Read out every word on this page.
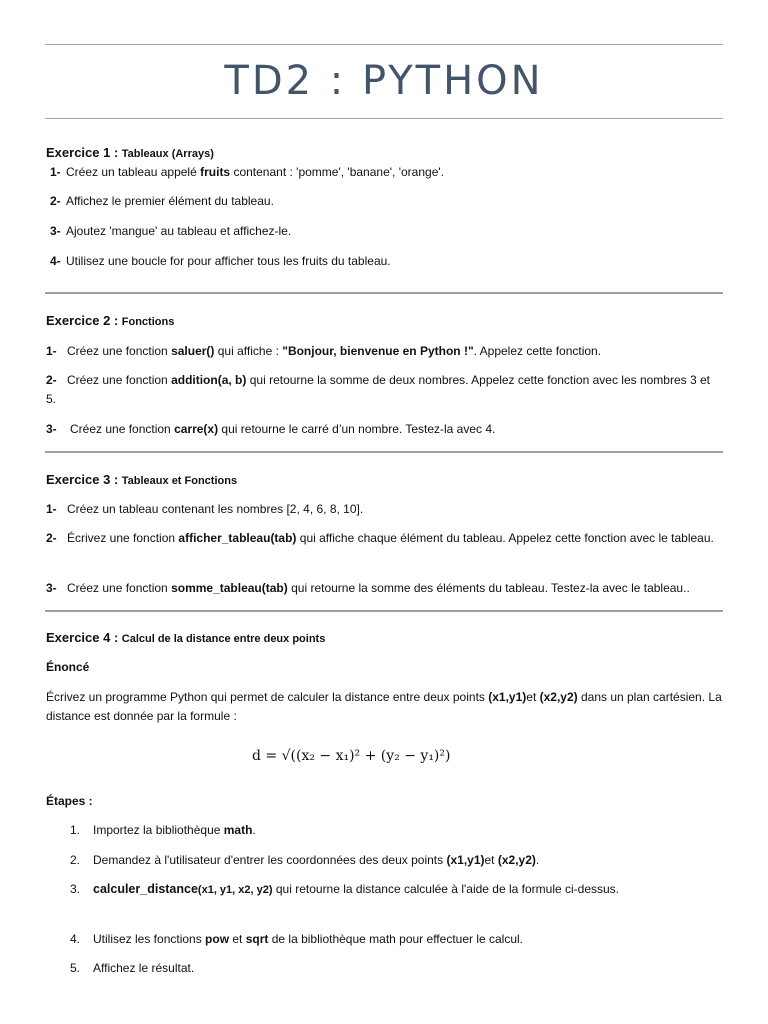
TD2 : PYTHON
Exercice 1 : Tableaux (Arrays)
1- Créez un tableau appelé fruits contenant : 'pomme', 'banane', 'orange'.
2- Affichez le premier élément du tableau.
3- Ajoutez 'mangue' au tableau et affichez-le.
4- Utilisez une boucle for pour afficher tous les fruits du tableau.
Exercice 2 : Fonctions
1- Créez une fonction saluer() qui affiche : "Bonjour, bienvenue en Python !". Appelez cette fonction.
2- Créez une fonction addition(a, b) qui retourne la somme de deux nombres. Appelez cette fonction avec les nombres 3 et 5.
3- Créez une fonction carre(x) qui retourne le carré d’un nombre. Testez-la avec 4.
Exercice 3 : Tableaux et Fonctions
1- Créez un tableau contenant les nombres [2, 4, 6, 8, 10].
2- Écrivez une fonction afficher_tableau(tab) qui affiche chaque élément du tableau. Appelez cette fonction avec le tableau.
3- Créez une fonction somme_tableau(tab) qui retourne la somme des éléments du tableau. Testez-la avec le tableau..
Exercice 4 : Calcul de la distance entre deux points
Énoncé
Écrivez un programme Python qui permet de calculer la distance entre deux points (x1,y1)et (x2,y2) dans un plan cartésien. La distance est donnée par la formule :
d = √((x₂ − x₁)² + (y₂ − y₁)²)
Étapes :
1. Importez la bibliothèque math.
2. Demandez à l'utilisateur d'entrer les coordonnées des deux points (x1,y1)et (x2,y2).
3. calculer_distance(x1, y1, x2, y2) qui retourne la distance calculée à l'aide de la formule ci-dessus.
4. Utilisez les fonctions pow et sqrt de la bibliothèque math pour effectuer le calcul.
5. Affichez le résultat.
